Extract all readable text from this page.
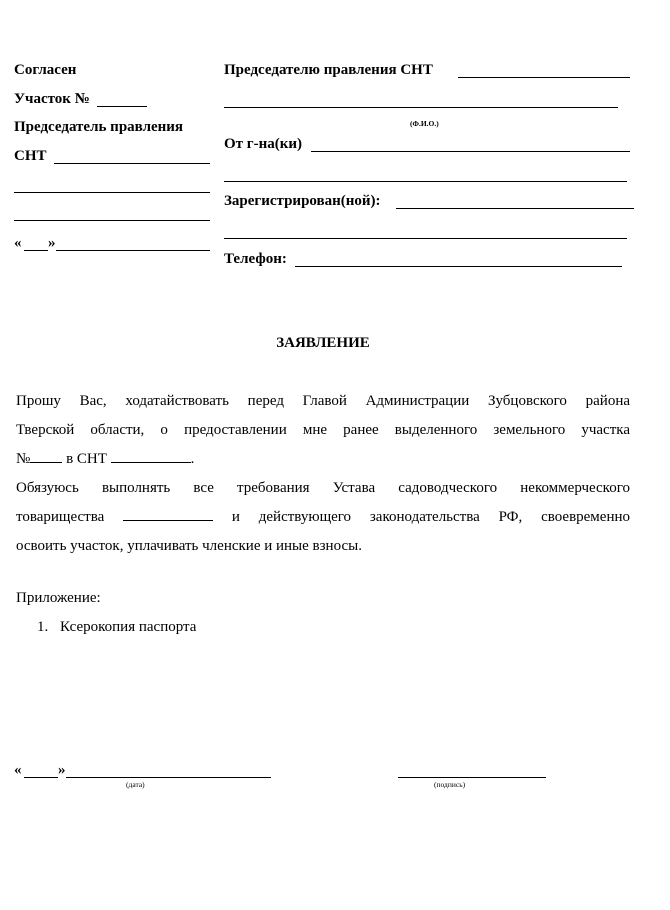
Согласен
Участок №
Председатель правления
СНТ
« »
Председателю правления СНТ
(Ф.И.О.)
От г-на(ки)
Зарегистрирован(ной):
Телефон:
ЗАЯВЛЕНИЕ
Прошу Вас, ходатайствовать перед Главой Администрации Зубцовского района
Тверской области, о предоставлении мне ранее выделенного земельного участка
№ в СНТ	.
Обязуюсь выполнять все требования Устава садоводческого некоммерческого
товарищества	и действующего законодательства РФ, своевременно
освоить участок, уплачивать членские и иные взносы.
Приложение:
1. Ксерокопия паспорта
« »
(дата)	(подпись)
